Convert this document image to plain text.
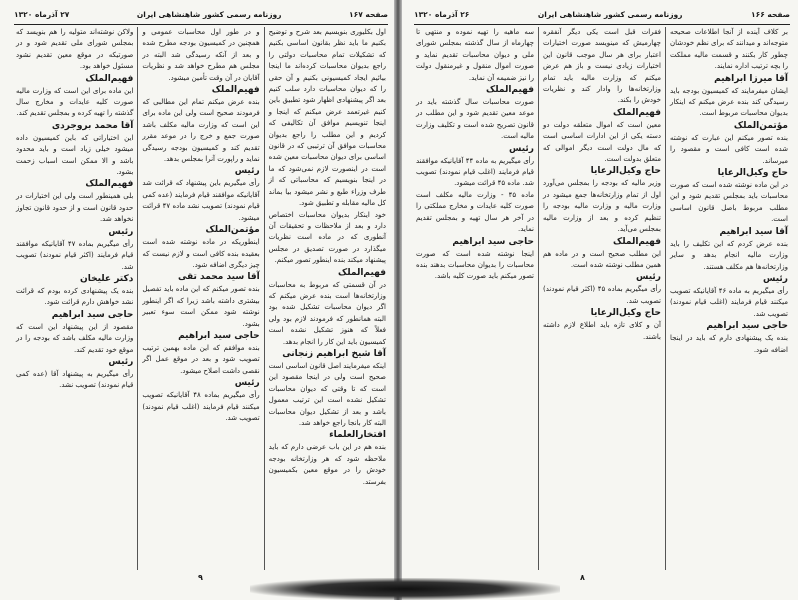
صفحه ۱۶۷
روزنامه رسمی کشور شاهنشاهی ایران
۲۷ آذرماه ۱۳۲۰

اول بکلیوری بنویسیم بعد شرح و توضیح بکنیم ما باید نظر بقانون اساسی بکنیم که تشکیلات تمام محاسبات دولتی را راجع بدیوان محاسبات کرده‌اند ما اینجا بیائیم ایجاد کمیسیونی بکنیم و آن حقی را که دیوان محاسبات دارد سلب کنیم بعد اگر پیشنهادی اظهار شود تطبیق باین کنیم غیرتعمد عرض میکنم که اینجا و اینجا تنویسیم موافق آن تکالیفی که کردیم و این مطلب را راجع بدیوان محاسبات موافق آن ترتیبی که در قانون اساسی برای دیوان محاسبات معین شده است در اینصورت لازم نمی‌شود که ما در اینجا بنویسیم که محاسباتی که از طرف وزراء طبع و نشر میشود بیا بماند کل مالیه مقابله و تطبیق شود.

خود اینکار بدیوان محاسبات اختصاص دارد و بعد از ملاحظات و تحقیقات آن آنطوری که در ماده است نظریات میگذارد در صورت تصدیق در مجلس پیشنهاد میکند بنده اینطور تصور میکنم.

فهیم‌الملک

در آن قسمتی که مربوط به محاسبات وزارتخانه‌ها است بنده عرض میکنم که اگر دیوان محاسبات تشکیل شده بود البته همانطور که فرمودند لازم بود ولی فعلاً که هنوز تشکیل نشده است کمیسیون باید این کار را انجام بدهد.

آقا شیخ ابراهیم زنجانی

اینکه میفرمایند اصل قانون اساسی است صحیح است ولی در اینجا مقصود این است که تا وقتی که دیوان محاسبات تشکیل نشده است این ترتیب معمول باشد و بعد از تشکیل دیوان محاسبات البته کار بانجا راجع خواهد شد.

افتخارالعلماء

بنده هم در این باب عرضی دارم که باید ملاحظه شود که هر وزارتخانه بودجه خودش را در موقع معین بکمیسیون بفرستد.

و در طور اول محاسبات عمومی و همچنین در کمیسیون بودجه مطرح شده و بعد از آنکه رسیدگی شد البته در مجلس هم مطرح خواهد شد و نظریات آقایان در آن وقت تأمین میشود.

فهیم‌الملک

بنده عرض میکنم تمام این مطالبی که فرمودند صحیح است ولی این ماده برای این است که وزارت مالیه مکلف باشد صورت جمع و خرج را در موعد مقرر تقدیم کند و کمیسیون بودجه رسیدگی نماید و راپورت آنرا بمجلس بدهد.

رئیس

رأی میگیریم باین پیشنهاد که قرائت شد آقایانیکه موافقند قیام فرمایند (عده کمی قیام نمودند) تصویب نشد ماده ۴۷ قرائت میشود.

مؤتمن‌الملک

اینطوریکه در ماده نوشته شده است بعقیده بنده کافی است و لازم نیست که چیز دیگری اضافه شود.

آقا سید محمد تقی

بنده تصور میکنم که این ماده باید تفصیل بیشتری داشته باشد زیرا که اگر اینطور نوشته شود ممکن است سوء تعبیر بشود.

حاجی سید ابراهیم

بنده موافقم که این ماده بهمین ترتیب تصویب شود و بعد در موقع عمل اگر نقصی داشت اصلاح میشود.

رئیس

رأی میگیریم بماده ۴۸ آقایانیکه تصویب میکنند قیام فرمایند (اغلب قیام نمودند) تصویب شد.

ولاکن نوشته‌اند متولیه را هم بنویسد که بمجلس شورای ملی تقدیم شود و در صورتیکه در موقع معین تقدیم نشود مسئول خواهد بود.

فهیم‌الملک

این ماده برای این است که وزارت مالیه صورت کلیه عایدات و مخارج سال گذشته را تهیه کرده و بمجلس تقدیم کند.

آقا محمد بروجردی

این اختیاراتی که باین کمیسیون داده میشود خیلی زیاد است و باید محدود باشد و الا ممکن است اسباب زحمت بشود.

فهیم‌الملک

بلی همینطور است ولی این اختیارات در حدود قانون است و از حدود قانون تجاوز نخواهد شد.

رئیس

رأی میگیریم بماده ۴۷ آقایانیکه موافقند قیام فرمایند (اکثر قیام نمودند) تصویب شد.

دکتر علیخان

بنده یک پیشنهادی کرده بودم که قرائت نشد خواهش دارم قرائت شود.

حاجی سید ابراهیم

مقصود از این پیشنهاد این است که وزارت مالیه مکلف باشد که بودجه را در موقع خود تقدیم کند.

رئیس

رأی میگیریم به پیشنهاد آقا (عده کمی قیام نمودند) تصویب نشد.

۹
صفحه ۱۶۶
روزنامه رسمی کشور شاهنشاهی ایران
۲۶ آذرماه ۱۳۲۰

بر کلاف آینده از آنجا اطلاعات صحیحه متوجه‌اند و میدانند که برای نظم خودشان چطور کار بکنند و قسمت مالیه مملکت را بچه ترتیب اداره نمایند.

آقا میرزا ابراهیم

ایشان میفرمایند که کمیسیون بودجه باید رسیدگی کند بنده عرض میکنم که اینکار بدیوان محاسبات مربوط است.

مؤتمن‌الملک

بنده تصور میکنم این عبارت که نوشته شده است کافی است و مقصود را میرساند.

حاج وکیل‌الرعایا

در این ماده نوشته شده است که صورت محاسبات باید بمجلس تقدیم شود و این مطلب مربوط باصل قانون اساسی است.

آقا سید ابراهیم

بنده عرض کردم که این تکلیف را باید وزارت مالیه انجام بدهد و سایر وزارتخانه‌ها هم مکلف هستند.

رئیس

رأی میگیریم به ماده ۴۶ آقایانیکه تصویب میکنند قیام فرمایند (اغلب قیام نمودند) تصویب شد.

حاجی سید ابراهیم

بنده یک پیشنهادی دارم که باید در اینجا اضافه شود.

فقرات قبل است یکی دیگر آنفقره چهارمیش که مینویسد صورت اختیارات اعتبار برای هر سال موجب قانون این اختیارات زیادی نیست و باز هم عرض میکنم که وزارت مالیه باید تمام وزارتخانه‌ها را وادار کند و نظریات خودش را بکند.

فهیم‌الملک

معین است که اموال متعلقه دولت دو دسته یکی از این ادارات اساسی است که مال دولت است دیگر اموالی که متعلق بدولت است.

حاج وکیل‌الرعایا

وزیر مالیه که بودجه را بمجلس می‌آورد اول از تمام وزارتخانه‌ها جمع میشود در وزارت مالیه و وزارت مالیه بودجه را تنظیم کرده و بعد از وزارت مالیه بمجلس می‌آید.

فهیم‌الملک

این مطلب صحیح است و در ماده هم همین مطلب نوشته شده است.

رئیس

رأی میگیریم بماده ۴۵ (اکثر قیام نمودند) تصویب شد.

حاج وکیل‌الرعایا

آن و کلای تازه باید اطلاع لازم داشته باشند.

سه ماهیه را تهیه نموده و منتهی تا چهارماه از سال گذشته بمجلس شورای ملی و دیوان محاسبات تقدیم نماید و صورت اموال منقول و غیرمنقول دولت را نیز ضمیمه آن نماید.

فهیم‌الملک

صورت محاسبات سال گذشته باید در موعد معین تقدیم شود و این مطلب در قانون تصریح شده است و تکلیف وزارت مالیه است.

رئیس

رأی میگیریم به ماده ۴۴ آقایانیکه موافقند قیام فرمایند (اغلب قیام نمودند) تصویب شد. ماده ۴۵ قرائت میشود.

ماده ۴۵ - وزارت مالیه مکلف است صورت کلیه عایدات و مخارج مملکتی را در آخر هر سال تهیه و بمجلس تقدیم نماید.

حاجی سید ابراهیم

اینجا نوشته شده است که صورت محاسبات را بدیوان محاسبات بدهند بنده تصور میکنم باید صورت کلیه باشد.

۸
